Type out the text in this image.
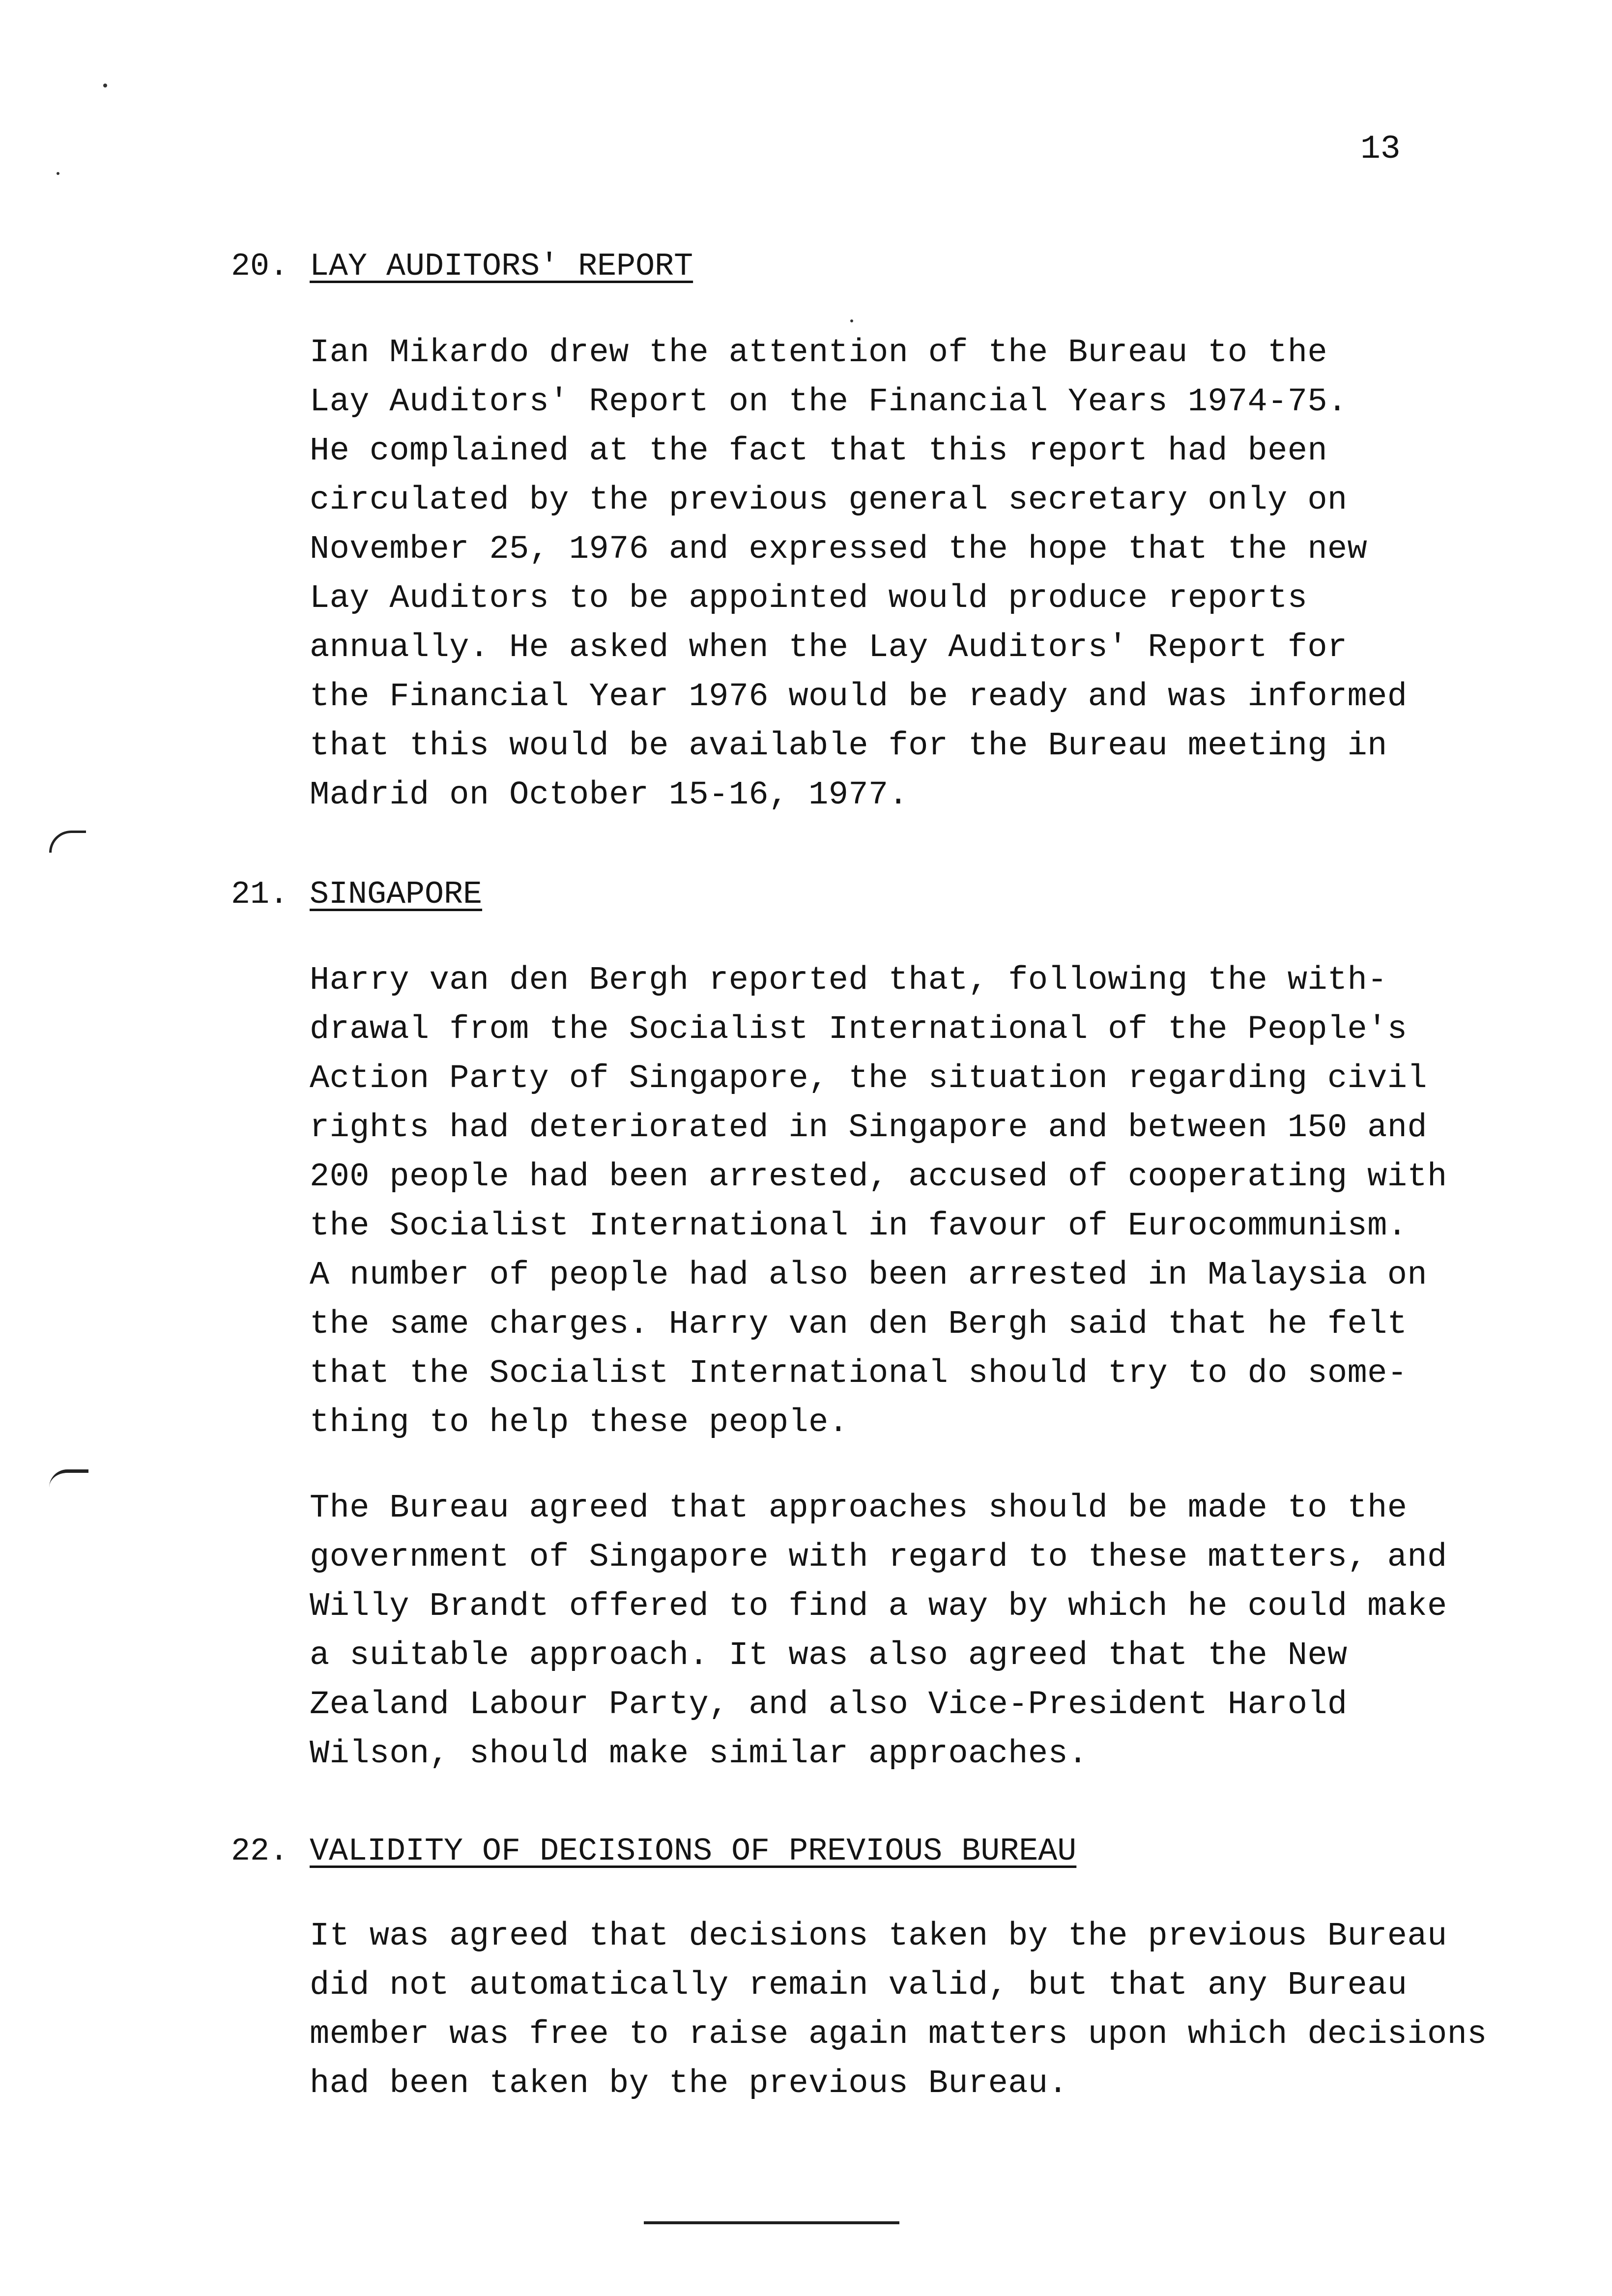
13
20. LAY AUDITORS' REPORT
Ian Mikardo drew the attention of the Bureau to the
Lay Auditors' Report on the Financial Years 1974-75.
He complained at the fact that this report had been
circulated by the previous general secretary only on
November 25, 1976 and expressed the hope that the new
Lay Auditors to be appointed would produce reports
annually. He asked when the Lay Auditors' Report for
the Financial Year 1976 would be ready and was informed
that this would be available for the Bureau meeting in
Madrid on October 15-16, 1977.
21. SINGAPORE
Harry van den Bergh reported that, following the with-
drawal from the Socialist International of the People's
Action Party of Singapore, the situation regarding civil
rights had deteriorated in Singapore and between 150 and
200 people had been arrested, accused of cooperating with
the Socialist International in favour of Eurocommunism.
A number of people had also been arrested in Malaysia on
the same charges. Harry van den Bergh said that he felt
that the Socialist International should try to do some-
thing to help these people.
The Bureau agreed that approaches should be made to the
government of Singapore with regard to these matters, and
Willy Brandt offered to find a way by which he could make
a suitable approach. It was also agreed that the New
Zealand Labour Party, and also Vice-President Harold
Wilson, should make similar approaches.
22. VALIDITY OF DECISIONS OF PREVIOUS BUREAU
It was agreed that decisions taken by the previous Bureau
did not automatically remain valid, but that any Bureau
member was free to raise again matters upon which decisions
had been taken by the previous Bureau.
